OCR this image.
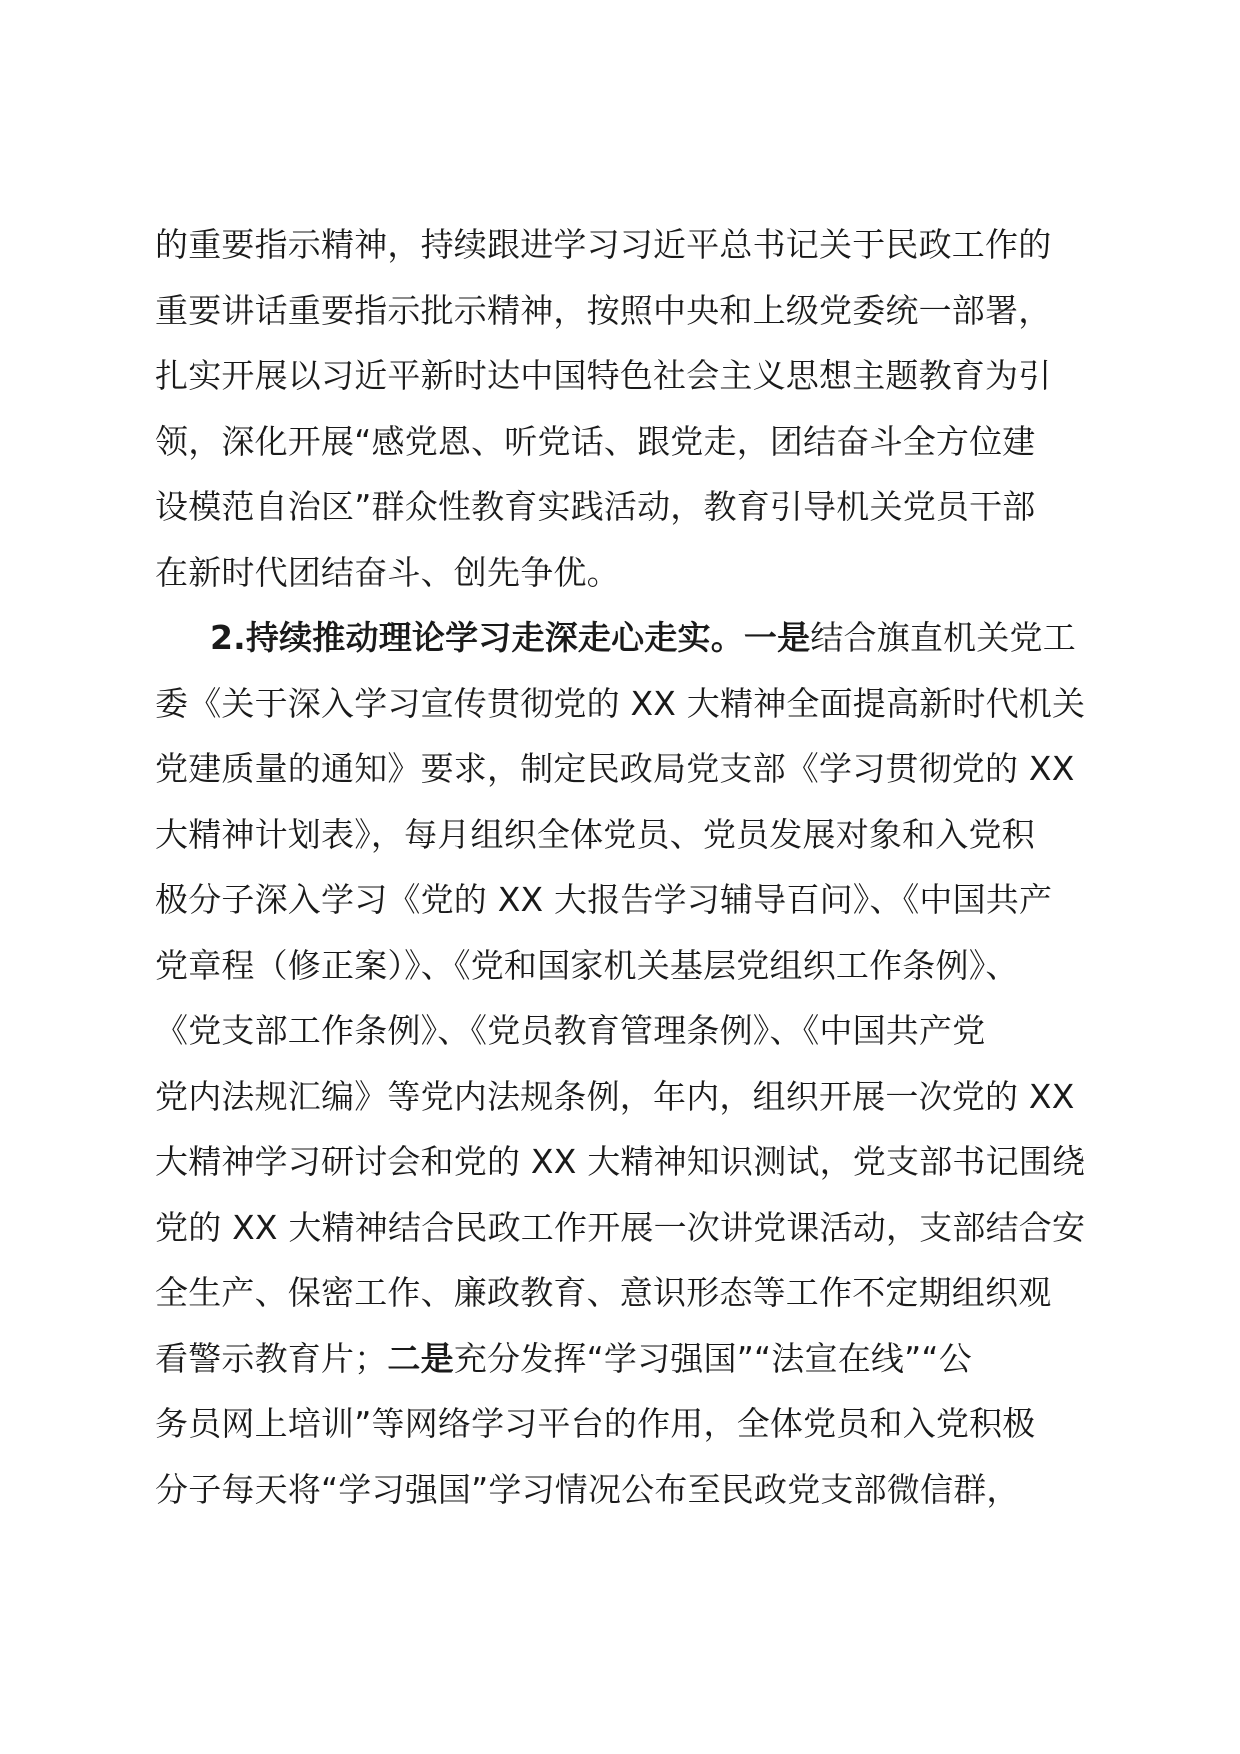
的重要指示精神，持续跟进学习习近平总书记关于民政工作的
重要讲话重要指示批示精神，按照中央和上级党委统一部署，
扎实开展以习近平新时达中国特色社会主义思想主题教育为引
领，深化开展“感党恩、听党话、跟党走，团结奋斗全方位建
设模范自治区”群众性教育实践活动，教育引导机关党员干部
在新时代团结奋斗、创先争优。
2.持续推动理论学习走深走心走实。一是结合旗直机关党工
委《关于深入学习宣传贯彻党的 XX 大精神全面提高新时代机关
党建质量的通知》要求，制定民政局党支部《学习贯彻党的 XX
大精神计划表》，每月组织全体党员、党员发展对象和入党积
极分子深入学习《党的 XX 大报告学习辅导百问》、《中国共产
党章程（修正案）》、《党和国家机关基层党组织工作条例》、
《党支部工作条例》、《党员教育管理条例》、《中国共产党
党内法规汇编》等党内法规条例，年内，组织开展一次党的 XX
大精神学习研讨会和党的 XX 大精神知识测试，党支部书记围绕
党的 XX 大精神结合民政工作开展一次讲党课活动，支部结合安
全生产、保密工作、廉政教育、意识形态等工作不定期组织观
看警示教育片；二是充分发挥“学习强国”“法宣在线”“公
务员网上培训”等网络学习平台的作用，全体党员和入党积极
分子每天将“学习强国”学习情况公布至民政党支部微信群，
